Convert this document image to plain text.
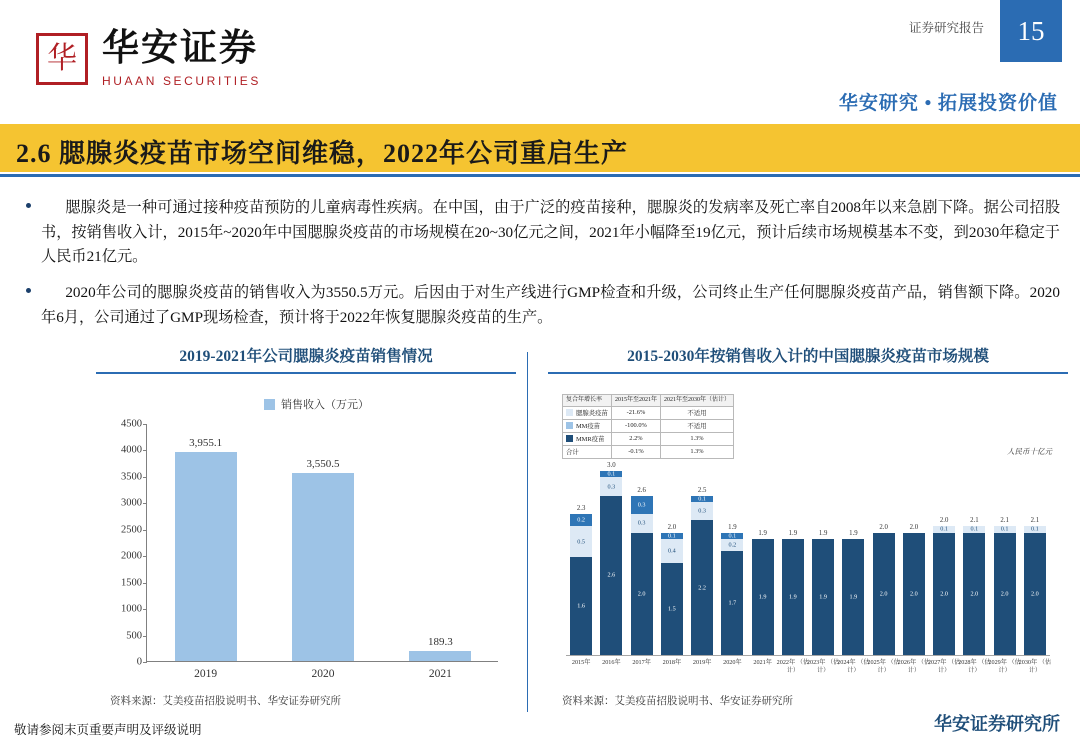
15
证券研究报告
华 华安证券
HUAAN SECURITIES
华安研究 • 拓展投资价值
2.6 腮腺炎疫苗市场空间维稳，2022年公司重启生产

腮腺炎是一种可通过接种疫苗预防的儿童病毒性疾病。在中国，由于广泛的疫苗接种，腮腺炎的发病率及死亡率自2008年以来急剧下降。据公司招股书，按销售收入计，2015年~2020年中国腮腺炎疫苗的市场规模在20~30亿元之间，2021年小幅降至19亿元，预计后续市场规模基本不变，到2030年稳定于人民币21亿元。

2020年公司的腮腺炎疫苗的销售收入为3550.5万元。后因由于对生产线进行GMP检查和升级，公司终止生产任何腮腺炎疫苗产品，销售额下降。2020年6月，公司通过了GMP现场检查，预计将于2022年恢复腮腺炎疫苗的生产。

2019-2021年公司腮腺炎疫苗销售情况
销售收入（万元）
0
500
1000
1500
2000
2500
3000
3500
4000
4500
3,955.1
2019
3,550.5
2020
189.3
2021
资料来源：艾美疫苗招股说明书、华安证券研究所
2015-2030年按销售收入计的中国腮腺炎疫苗市场规模
复合年增长率	2015年至2021年	2021年至2030年（估计）
腮腺炎疫苗	-21.6%	不适用
MM疫苗	-100.0%	不适用
MMR疫苗	2.2%	1.3%
合计	-0.1%	1.3%	人民币十亿元
0.2
0.5
1.6
2.3
2015年
0.1
0.3
2.6
3.0
2016年
0.3
0.3
2.0
2.6
2017年
0.1
0.4
1.5
2.0
2018年
0.1
0.3
2.2
2.5
2019年
0.1
0.2
1.7
1.9
2020年
1.9
1.9
2021年
1.9
1.9
2022年 （估计）
1.9
1.9
2023年 （估计）
1.9
1.9
2024年 （估计）
2.0
2.0
2025年 （估计）
2.0
2.0
2026年 （估计）
0.1
2.0
2.0
2027年 （估计）
0.1
2.0
2.1
2028年 （估计）
0.1
2.0
2.1
2029年 （估计）
0.1
2.0
2.1
2030年 （估计）
资料来源：艾美疫苗招股说明书、华安证券研究所
敬请参阅末页重要声明及评级说明	华安证券研究所
